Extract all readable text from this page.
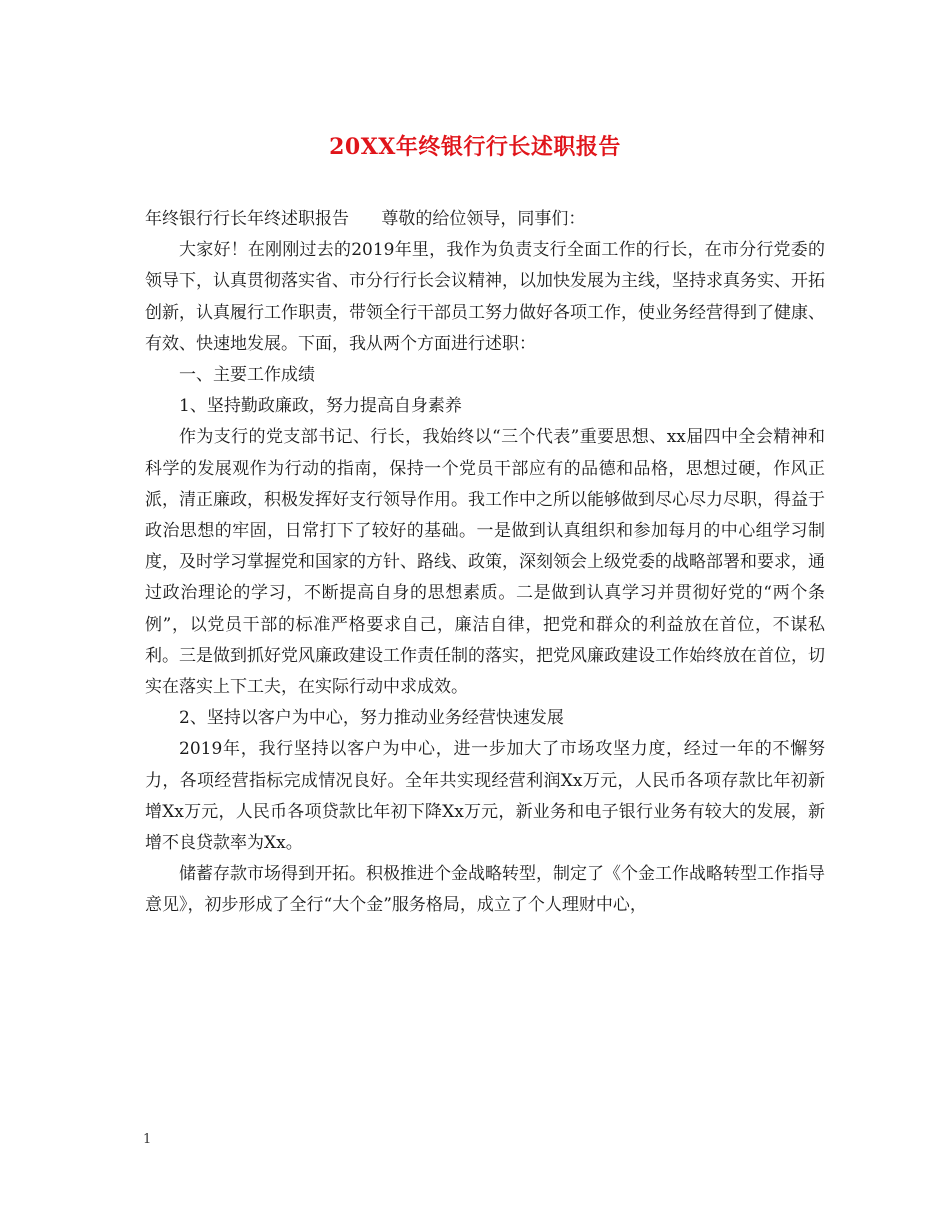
20XX年终银行行长述职报告

年终银行行长年终述职报告      尊敬的给位领导，同事们：

大家好！在刚刚过去的2019年里，我作为负责支行全面工作的行长，在市分行党委的领导下，认真贯彻落实省、市分行行长会议精神，以加快发展为主线，坚持求真务实、开拓创新，认真履行工作职责，带领全行干部员工努力做好各项工作，使业务经营得到了健康、有效、快速地发展。下面，我从两个方面进行述职：

一、主要工作成绩

1、坚持勤政廉政，努力提高自身素养

作为支行的党支部书记、行长，我始终以“三个代表”重要思想、xx届四中全会精神和科学的发展观作为行动的指南，保持一个党员干部应有的品德和品格，思想过硬，作风正派，清正廉政，积极发挥好支行领导作用。我工作中之所以能够做到尽心尽力尽职，得益于政治思想的牢固，日常打下了较好的基础。一是做到认真组织和参加每月的中心组学习制度，及时学习掌握党和国家的方针、路线、政策，深刻领会上级党委的战略部署和要求，通过政治理论的学习，不断提高自身的思想素质。二是做到认真学习并贯彻好党的“两个条例”，以党员干部的标准严格要求自己，廉洁自律，把党和群众的利益放在首位，不谋私利。三是做到抓好党风廉政建设工作责任制的落实，把党风廉政建设工作始终放在首位，切实在落实上下工夫，在实际行动中求成效。

2、坚持以客户为中心，努力推动业务经营快速发展

2019年，我行坚持以客户为中心，进一步加大了市场攻坚力度，经过一年的不懈努力，各项经营指标完成情况良好。全年共实现经营利润Xx万元，人民币各项存款比年初新增Xx万元，人民币各项贷款比年初下降Xx万元，新业务和电子银行业务有较大的发展，新增不良贷款率为Xx。

储蓄存款市场得到开拓。积极推进个金战略转型，制定了《个金工作战略转型工作指导意见》，初步形成了全行“大个金”服务格局，成立了个人理财中心，

1
